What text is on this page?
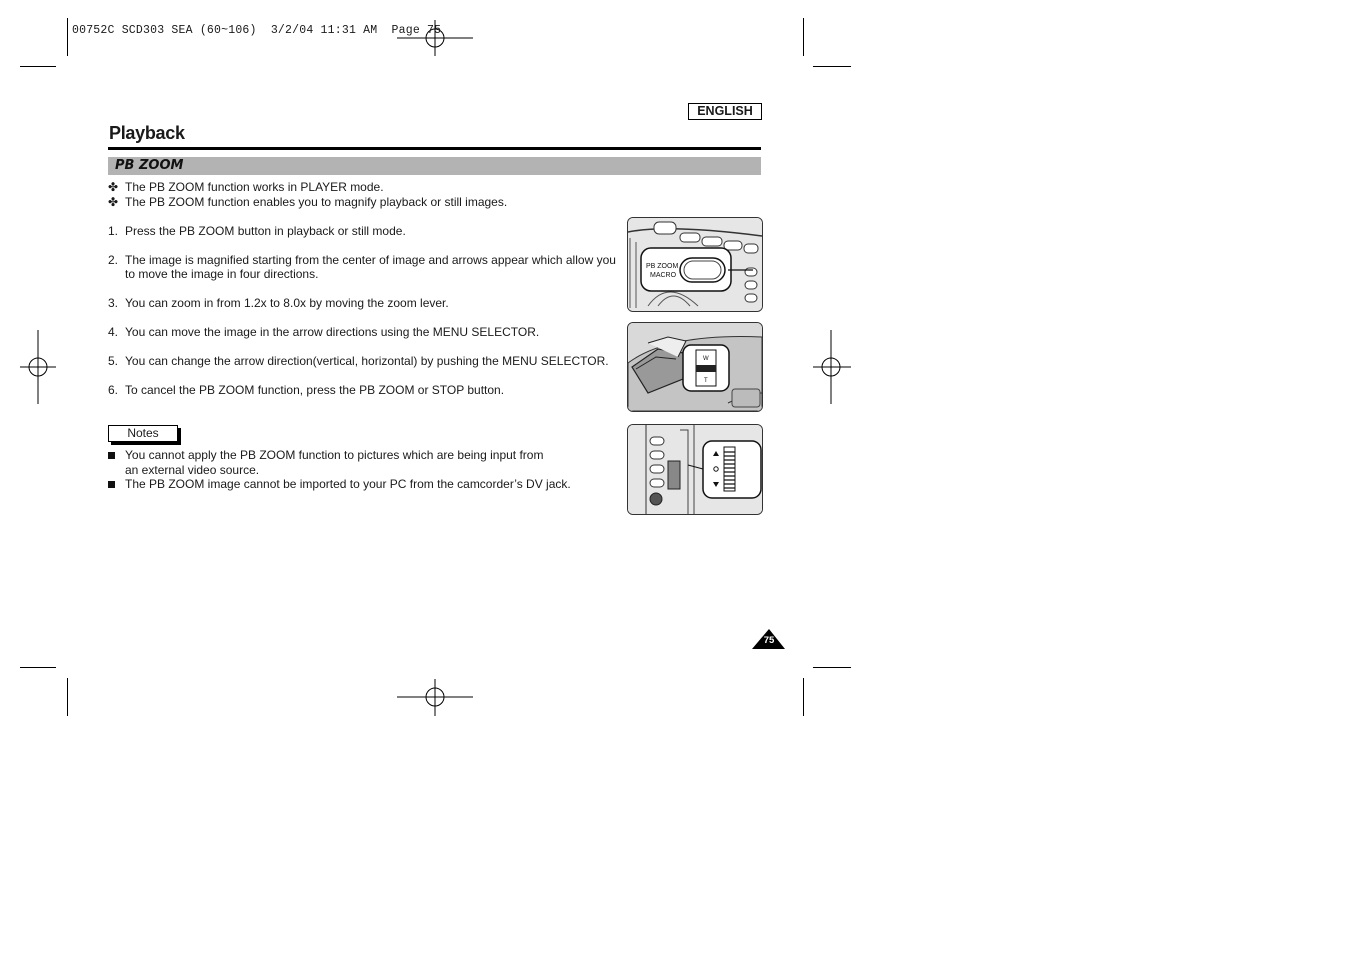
00752C SCD303 SEA (60~106)  3/2/04 11:31 AM  Page 75
ENGLISH
Playback
PB ZOOM
✤ The PB ZOOM function works in PLAYER mode.
✤ The PB ZOOM function enables you to magnify playback or still images.
1. Press the PB ZOOM button in playback or still mode.
2. The image is magnified starting from the center of image and arrows appear which allow you
to move the image in four directions.
3. You can zoom in from 1.2x to 8.0x by moving the zoom lever.
4. You can move the image in the arrow directions using the MENU SELECTOR.
5. You can change the arrow direction(vertical, horizontal) by pushing the MENU SELECTOR.
6. To cancel the PB ZOOM function, press the PB ZOOM or STOP button.
Notes
You cannot apply the PB ZOOM function to pictures which are being input from
an external video source.
The PB ZOOM image cannot be imported to your PC from the camcorder’s DV jack.
PB ZOOM
MACRO
W
T
75
